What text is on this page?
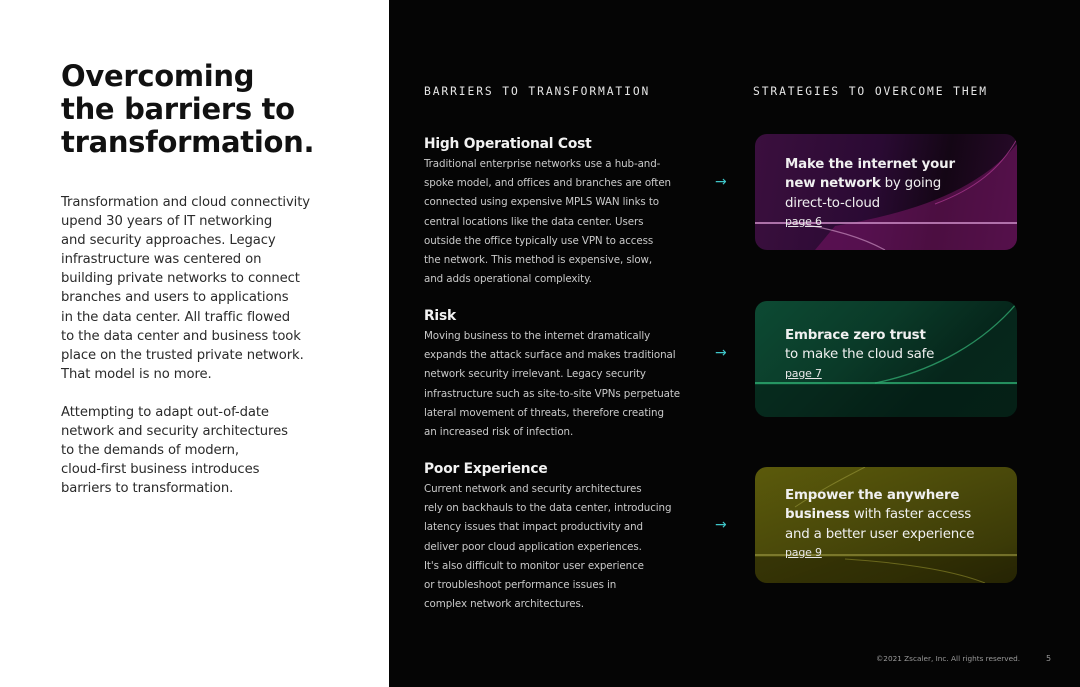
Overcoming
the barriers to
transformation.

Transformation and cloud connectivity
upend 30 years of IT networking
and security approaches. Legacy
infrastructure was centered on
building private networks to connect
branches and users to applications
in the data center. All traffic flowed
to the data center and business took
place on the trusted private network.
That model is no more.

Attempting to adapt out-of-date
network and security architectures
to the demands of modern,
cloud-first business introduces
barriers to transformation.

BARRIERS TO TRANSFORMATION	STRATEGIES TO OVERCOME THEM
High Operational Cost
Traditional enterprise networks use a hub-and-
spoke model, and offices and branches are often
connected using expensive MPLS WAN links to
central locations like the data center. Users
outside the office typically use VPN to access
the network. This method is expensive, slow,
and adds operational complexity.
Risk
Moving business to the internet dramatically
expands the attack surface and makes traditional
network security irrelevant. Legacy security
infrastructure such as site-to-site VPNs perpetuate
lateral movement of threats, therefore creating
an increased risk of infection.
Poor Experience
Current network and security architectures
rely on backhauls to the data center, introducing
latency issues that impact productivity and
deliver poor cloud application experiences.
It's also difficult to monitor user experience
or troubleshoot performance issues in
complex network architectures.
→
→
→
Make the internet your
new network by going
direct-to-cloud
page 6
Embrace zero trust
to make the cloud safe
page 7
Empower the anywhere
business with faster access
and a better user experience
page 9
©2021 Zscaler, Inc. All rights reserved.	5
